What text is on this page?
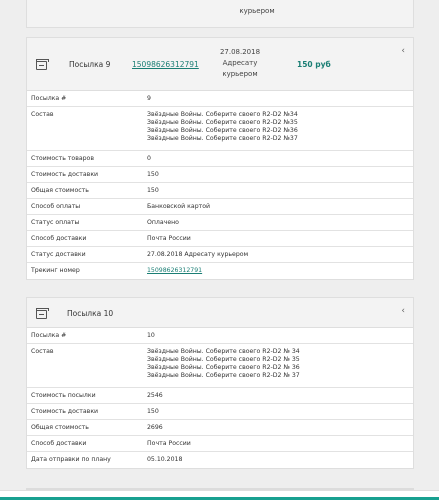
курьером
Посылка 9	15098626312791
27.08.2018
Адресату
курьером
150 руб
‹
Посылка #	9
Состав	Звёздные Войны. Соберите своего R2-D2 №34
Звёздные Войны. Соберите своего R2-D2 №35
Звёздные Войны. Соберите своего R2-D2 №36
Звёздные Войны. Соберите своего R2-D2 №37
Стоимость товаров	0
Стоимость доставки	150
Общая стоимость	150
Способ оплаты	Банковской картой
Статус оплаты	Оплачено
Способ доставки	Почта России
Статус доставки	27.08.2018 Адресату курьером
Трекинг номер	15098626312791
Посылка 10	‹
Посылка #	10
Состав	Звёздные Войны. Соберите своего R2-D2 № 34
Звёздные Войны. Соберите своего R2-D2 № 35
Звёздные Войны. Соберите своего R2-D2 № 36
Звёздные Войны. Соберите своего R2-D2 № 37
Стоимость посылки	2546
Стоимость доставки	150
Общая стоимость	2696
Способ доставки	Почта России
Дата отправки по плану	05.10.2018
